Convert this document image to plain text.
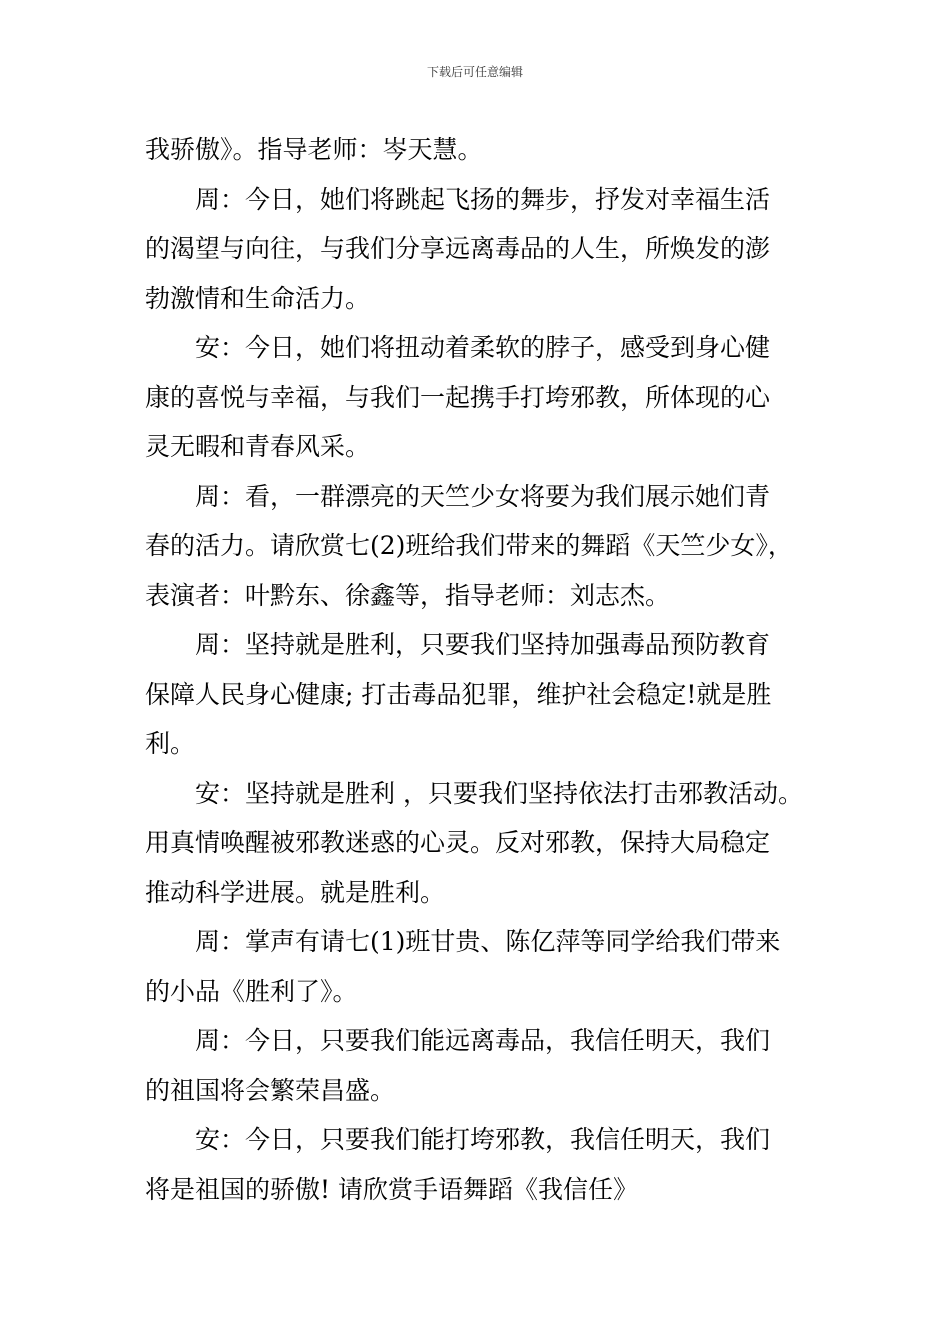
下载后可任意编辑
我骄傲》。指导老师：岑天慧。
周：今日，她们将跳起飞扬的舞步，抒发对幸福生活
的渴望与向往，与我们分享远离毒品的人生，所焕发的澎
勃激情和生命活力。
安：今日，她们将扭动着柔软的脖子，感受到身心健
康的喜悦与幸福，与我们一起携手打垮邪教，所体现的心
灵无暇和青春风采。
周：看，一群漂亮的天竺少女将要为我们展示她们青
春的活力。请欣赏七(2)班给我们带来的舞蹈《天竺少女》，
表演者：叶黔东、徐鑫等，指导老师：刘志杰。
周：坚持就是胜利，只要我们坚持加强毒品预防教育
保障人民身心健康; 打击毒品犯罪，维护社会稳定!就是胜
利。
安：坚持就是胜利 ，只要我们坚持依法打击邪教活动。
用真情唤醒被邪教迷惑的心灵。反对邪教，保持大局稳定
推动科学进展。就是胜利。
周：掌声有请七(1)班甘贵、陈亿萍等同学给我们带来
的小品《胜利了》。
周：今日，只要我们能远离毒品，我信任明天，我们
的祖国将会繁荣昌盛。
安：今日，只要我们能打垮邪教，我信任明天，我们
将是祖国的骄傲! 请欣赏手语舞蹈《我信任》
